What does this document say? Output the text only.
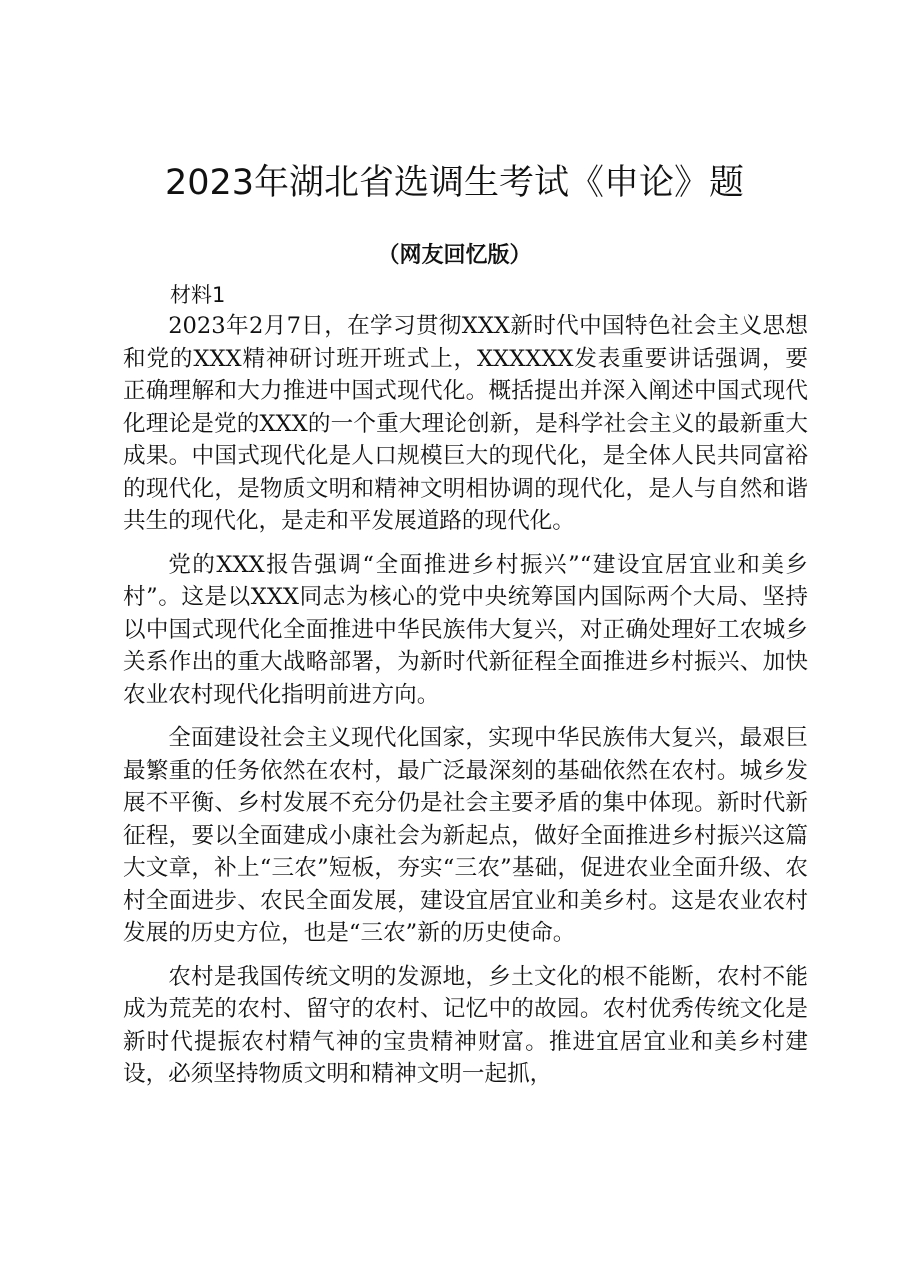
2023年湖北省选调生考试《申论》题
（网友回忆版）
材料1

2023年2月7日，在学习贯彻XXX新时代中国特色社会主义思想和党的XXX精神研讨班开班式上，XXXXXX发表重要讲话强调，要正确理解和大力推进中国式现代化。概括提出并深入阐述中国式现代化理论是党的XXX的一个重大理论创新，是科学社会主义的最新重大成果。中国式现代化是人口规模巨大的现代化，是全体人民共同富裕的现代化，是物质文明和精神文明相协调的现代化，是人与自然和谐共生的现代化，是走和平发展道路的现代化。

党的XXX报告强调“全面推进乡村振兴”“建设宜居宜业和美乡村”。这是以XXX同志为核心的党中央统筹国内国际两个大局、坚持以中国式现代化全面推进中华民族伟大复兴，对正确处理好工农城乡关系作出的重大战略部署，为新时代新征程全面推进乡村振兴、加快农业农村现代化指明前进方向。

全面建设社会主义现代化国家，实现中华民族伟大复兴，最艰巨最繁重的任务依然在农村，最广泛最深刻的基础依然在农村。城乡发展不平衡、乡村发展不充分仍是社会主要矛盾的集中体现。新时代新征程，要以全面建成小康社会为新起点，做好全面推进乡村振兴这篇大文章，补上“三农”短板，夯实“三农”基础，促进农业全面升级、农村全面进步、农民全面发展，建设宜居宜业和美乡村。这是农业农村发展的历史方位，也是“三农”新的历史使命。

农村是我国传统文明的发源地，乡土文化的根不能断，农村不能成为荒芜的农村、留守的农村、记忆中的故园。农村优秀传统文化是新时代提振农村精气神的宝贵精神财富。推进宜居宜业和美乡村建设，必须坚持物质文明和精神文明一起抓，
